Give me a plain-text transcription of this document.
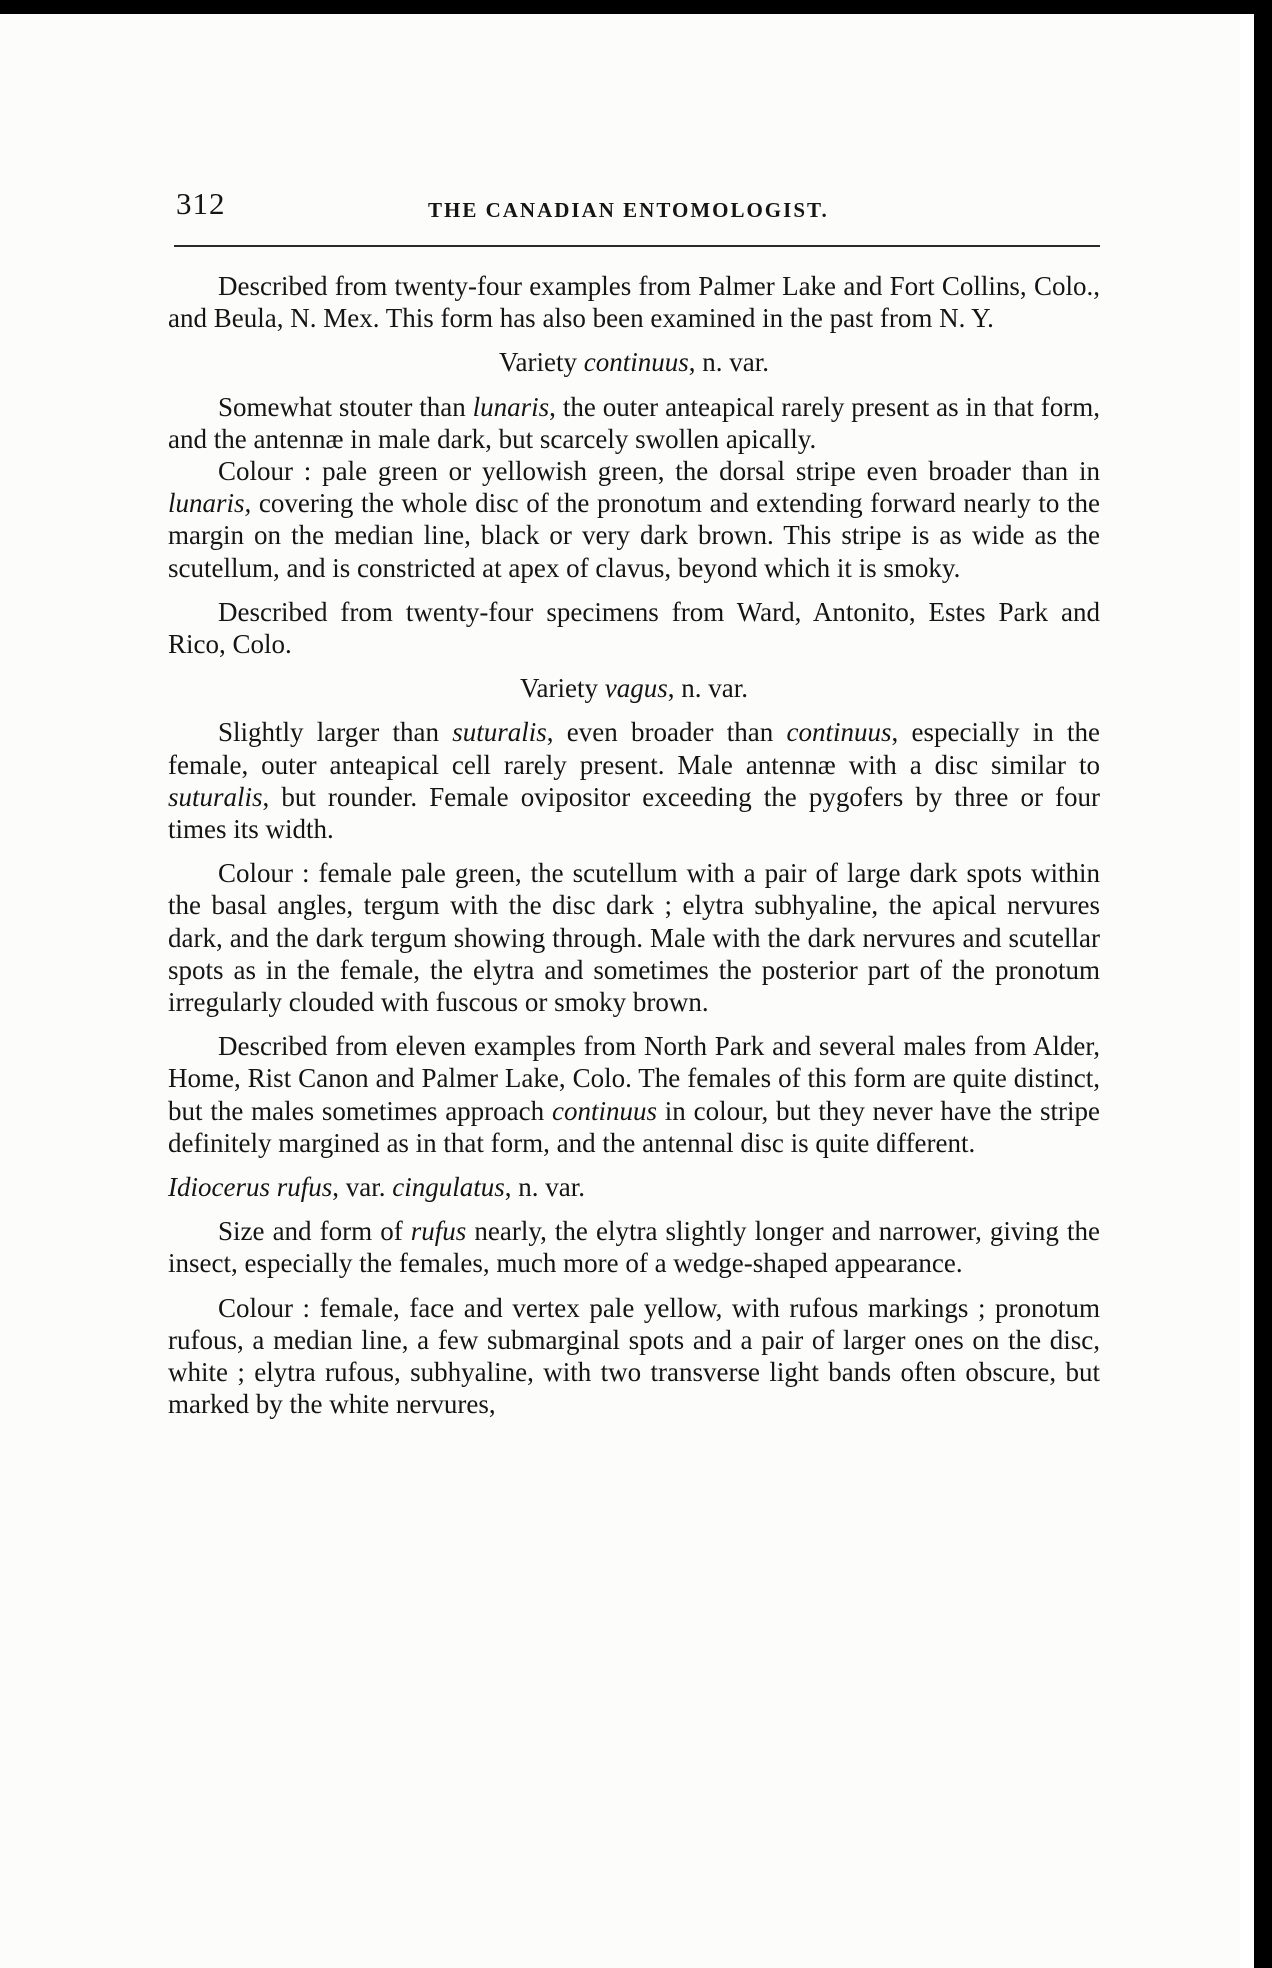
312	THE CANADIAN ENTOMOLOGIST.

Described from twenty-four examples from Palmer Lake and Fort Collins, Colo., and Beula, N. Mex. This form has also been examined in the past from N. Y.

Variety continuus, n. var.

Somewhat stouter than lunaris, the outer anteapical rarely present as in that form, and the antennæ in male dark, but scarcely swollen apically.

Colour : pale green or yellowish green, the dorsal stripe even broader than in lunaris, covering the whole disc of the pronotum and extending forward nearly to the margin on the median line, black or very dark brown. This stripe is as wide as the scutellum, and is constricted at apex of clavus, beyond which it is smoky.

Described from twenty-four specimens from Ward, Antonito, Estes Park and Rico, Colo.

Variety vagus, n. var.

Slightly larger than suturalis, even broader than continuus, especially in the female, outer anteapical cell rarely present. Male antennæ with a disc similar to suturalis, but rounder. Female ovipositor exceeding the pygofers by three or four times its width.

Colour : female pale green, the scutellum with a pair of large dark spots within the basal angles, tergum with the disc dark ; elytra subhyaline, the apical nervures dark, and the dark tergum showing through. Male with the dark nervures and scutellar spots as in the female, the elytra and sometimes the posterior part of the pronotum irregularly clouded with fuscous or smoky brown.

Described from eleven examples from North Park and several males from Alder, Home, Rist Canon and Palmer Lake, Colo. The females of this form are quite distinct, but the males sometimes approach continuus in colour, but they never have the stripe definitely margined as in that form, and the antennal disc is quite different.

Idiocerus rufus, var. cingulatus, n. var.

Size and form of rufus nearly, the elytra slightly longer and narrower, giving the insect, especially the females, much more of a wedge-shaped appearance.

Colour : female, face and vertex pale yellow, with rufous markings ; pronotum rufous, a median line, a few submarginal spots and a pair of larger ones on the disc, white ; elytra rufous, subhyaline, with two transverse light bands often obscure, but marked by the white nervures,
